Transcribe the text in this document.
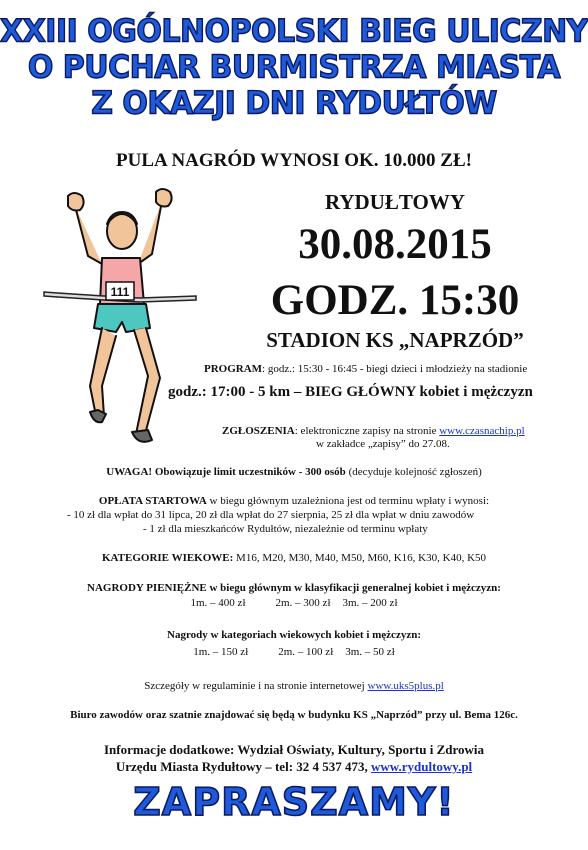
XXIII OGÓLNOPOLSKI BIEG ULICZNY
O PUCHAR BURMISTRZA MIASTA
Z OKAZJI DNI RYDUŁTÓW
PULA NAGRÓD WYNOSI OK. 10.000 ZŁ!
111
RYDUŁTOWY
30.08.2015
GODZ. 15:30
STADION KS „NAPRZÓD”
PROGRAM: godz.: 15:30 - 16:45 - biegi dzieci i młodzieży na stadionie
godz.: 17:00 - 5 km – BIEG GŁÓWNY kobiet i mężczyzn
ZGŁOSZENIA: elektroniczne zapisy na stronie www.czasnachip.pl
w zakładce „zapisy” do 27.08.
UWAGA! Obowiązuje limit uczestników - 300 osób (decyduje kolejność zgłoszeń)
OPŁATA STARTOWA w biegu głównym uzależniona jest od terminu wpłaty i wynosi:
- 10 zł dla wpłat do 31 lipca, 20 zł dla wpłat do 27 sierpnia, 25 zł dla wpłat w dniu zawodów
- 1 zł dla mieszkańców Rydułtów, niezależnie od terminu wpłaty
KATEGORIE WIEKOWE: M16, M20, M30, M40, M50, M60, K16, K30, K40, K50
NAGRODY PIENIĘŻNE w biegu głównym w klasyfikacji generalnej kobiet i mężczyzn:
1m. – 400 zł	2m. – 300 zł 3m. – 200 zł
Nagrody w kategoriach wiekowych kobiet i mężczyzn:
1m. – 150 zł	2m. – 100 zł 3m. – 50 zł
Szczegóły w regulaminie i na stronie internetowej www.uks5plus.pl
Biuro zawodów oraz szatnie znajdować się będą w budynku KS „Naprzód” przy ul. Bema 126c.
Informacje dodatkowe: Wydział Oświaty, Kultury, Sportu i Zdrowia
Urzędu Miasta Rydułtowy – tel: 32 4 537 473, www.rydultowy.pl
ZAPRASZAMY!
